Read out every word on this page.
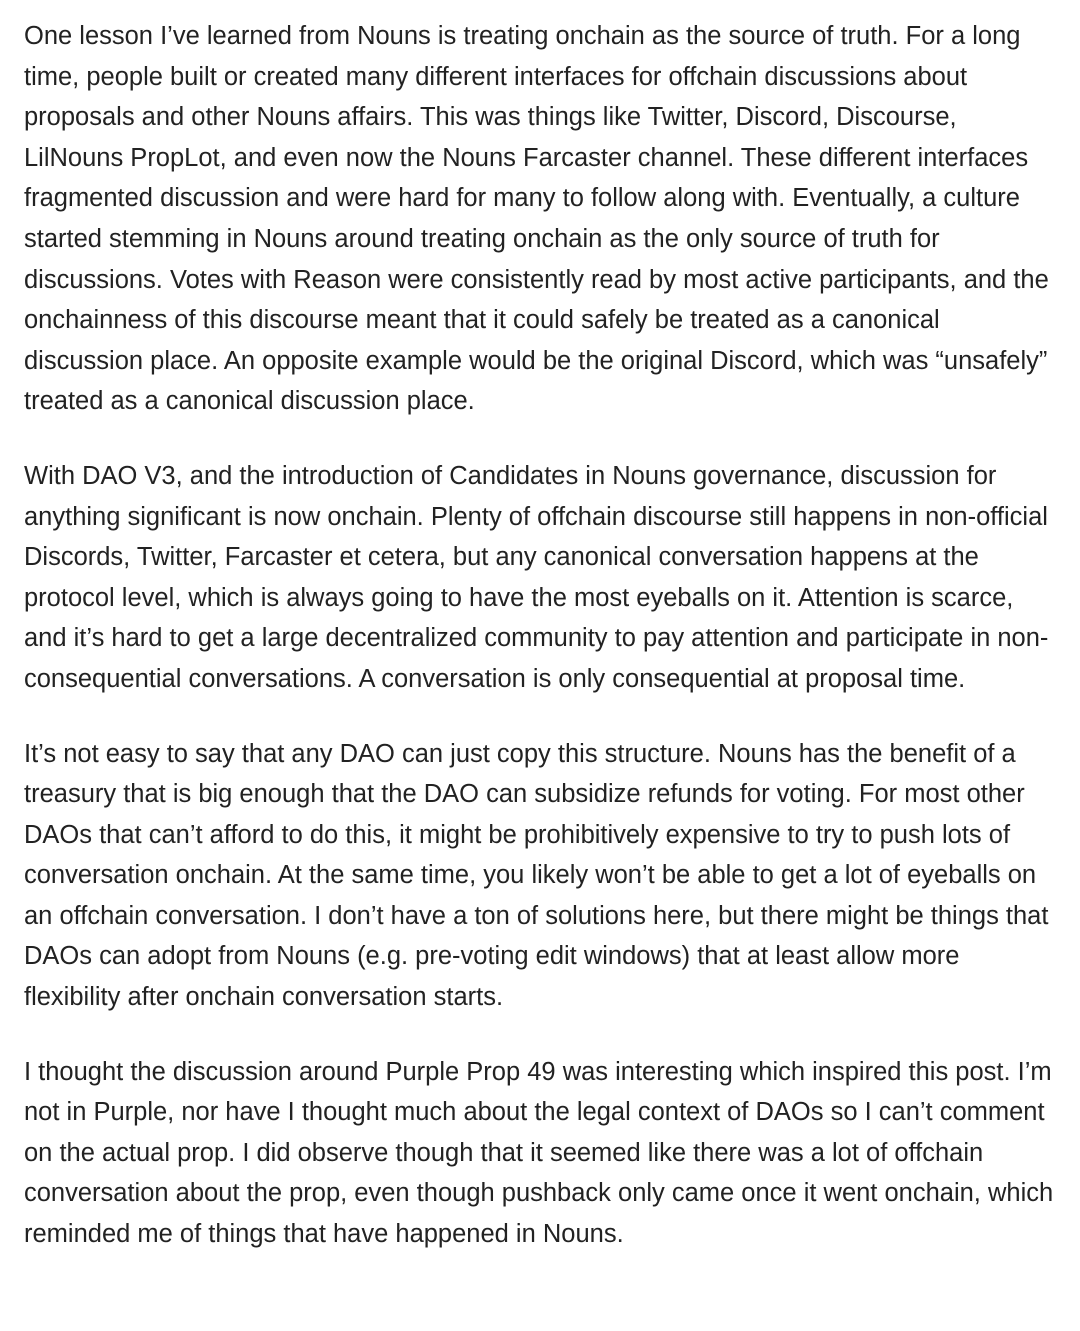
One lesson I’ve learned from Nouns is treating onchain as the source of truth. For a long time, people built or created many different interfaces for offchain discussions about proposals and other Nouns affairs. This was things like Twitter, Discord, Discourse, LilNouns PropLot, and even now the Nouns Farcaster channel. These different interfaces fragmented discussion and were hard for many to follow along with. Eventually, a culture started stemming in Nouns around treating onchain as the only source of truth for discussions. Votes with Reason were consistently read by most active participants, and the onchainness of this discourse meant that it could safely be treated as a canonical discussion place. An opposite example would be the original Discord, which was “unsafely” treated as a canonical discussion place.

With DAO V3, and the introduction of Candidates in Nouns governance, discussion for anything significant is now onchain. Plenty of offchain discourse still happens in non-official Discords, Twitter, Farcaster et cetera, but any canonical conversation happens at the protocol level, which is always going to have the most eyeballs on it. Attention is scarce, and it’s hard to get a large decentralized community to pay attention and participate in non-consequential conversations. A conversation is only consequential at proposal time.

It’s not easy to say that any DAO can just copy this structure. Nouns has the benefit of a treasury that is big enough that the DAO can subsidize refunds for voting. For most other DAOs that can’t afford to do this, it might be prohibitively expensive to try to push lots of conversation onchain. At the same time, you likely won’t be able to get a lot of eyeballs on an offchain conversation. I don’t have a ton of solutions here, but there might be things that DAOs can adopt from Nouns (e.g. pre-voting edit windows) that at least allow more flexibility after onchain conversation starts.

I thought the discussion around Purple Prop 49 was interesting which inspired this post. I’m not in Purple, nor have I thought much about the legal context of DAOs so I can’t comment on the actual prop. I did observe though that it seemed like there was a lot of offchain conversation about the prop, even though pushback only came once it went onchain, which reminded me of things that have happened in Nouns.
